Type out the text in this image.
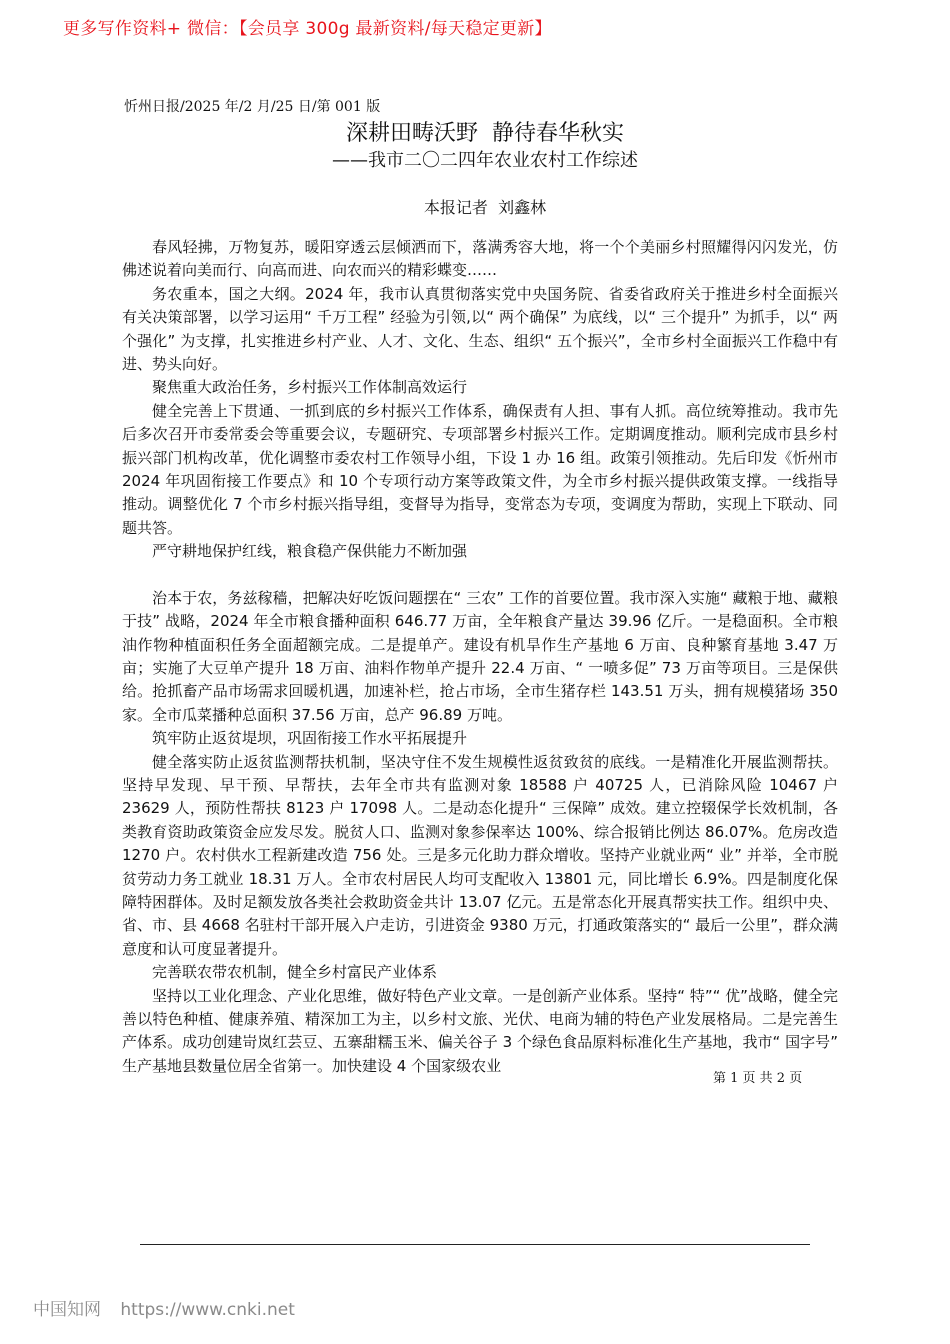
更多写作资料+ 微信：【会员享 300g 最新资料/每天稳定更新】
忻州日报/2025 年/2 月/25 日/第 001 版
深耕田畴沃野  静待春华秋实
——我市二〇二四年农业农村工作综述
本报记者  刘鑫林

春风轻拂，万物复苏，暖阳穿透云层倾洒而下，落满秀容大地，将一个个美丽乡村照耀得闪闪发光，仿佛述说着向美而行、向高而进、向农而兴的精彩蝶变……

务农重本，国之大纲。2024 年，我市认真贯彻落实党中央国务院、省委省政府关于推进乡村全面振兴有关决策部署，以学习运用“ 千万工程” 经验为引领,以“ 两个确保” 为底线，以“ 三个提升” 为抓手，以“ 两个强化” 为支撑，扎实推进乡村产业、人才、文化、生态、组织“ 五个振兴”，全市乡村全面振兴工作稳中有进、势头向好。

聚焦重大政治任务，乡村振兴工作体制高效运行

健全完善上下贯通、一抓到底的乡村振兴工作体系，确保责有人担、事有人抓。高位统筹推动。我市先后多次召开市委常委会等重要会议，专题研究、专项部署乡村振兴工作。定期调度推动。顺利完成市县乡村振兴部门机构改革，优化调整市委农村工作领导小组，下设 1 办 16 组。政策引领推动。先后印发《忻州市 2024 年巩固衔接工作要点》和 10 个专项行动方案等政策文件，为全市乡村振兴提供政策支撑。一线指导推动。调整优化 7 个市乡村振兴指导组，变督导为指导，变常态为专项，变调度为帮助，实现上下联动、同题共答。

严守耕地保护红线，粮食稳产保供能力不断加强

治本于农，务兹稼穑，把解决好吃饭问题摆在“ 三农” 工作的首要位置。我市深入实施“ 藏粮于地、藏粮于技” 战略，2024 年全市粮食播种面积 646.77 万亩，全年粮食产量达 39.96 亿斤。一是稳面积。全市粮油作物种植面积任务全面超额完成。二是提单产。建设有机旱作生产基地 6 万亩、良种繁育基地 3.47 万亩；实施了大豆单产提升 18 万亩、油料作物单产提升 22.4 万亩、“ 一喷多促” 73 万亩等项目。三是保供给。抢抓畜产品市场需求回暖机遇，加速补栏，抢占市场，全市生猪存栏 143.51 万头，拥有规模猪场 350 家。全市瓜菜播种总面积 37.56 万亩，总产 96.89 万吨。

筑牢防止返贫堤坝，巩固衔接工作水平拓展提升

健全落实防止返贫监测帮扶机制，坚决守住不发生规模性返贫致贫的底线。一是精准化开展监测帮扶。坚持早发现、早干预、早帮扶，去年全市共有监测对象 18588 户 40725 人，已消除风险 10467 户 23629 人，预防性帮扶 8123 户 17098 人。二是动态化提升“ 三保障” 成效。建立控辍保学长效机制，各类教育资助政策资金应发尽发。脱贫人口、监测对象参保率达 100%、综合报销比例达 86.07%。危房改造 1270 户。农村供水工程新建改造 756 处。三是多元化助力群众增收。坚持产业就业两“ 业” 并举，全市脱贫劳动力务工就业 18.31 万人。全市农村居民人均可支配收入 13801 元，同比增长 6.9%。四是制度化保障特困群体。及时足额发放各类社会救助资金共计 13.07 亿元。五是常态化开展真帮实扶工作。组织中央、省、市、县 4668 名驻村干部开展入户走访，引进资金 9380 万元，打通政策落实的“ 最后一公里”，群众满意度和认可度显著提升。

完善联农带农机制，健全乡村富民产业体系

坚持以工业化理念、产业化思维，做好特色产业文章。一是创新产业体系。坚持“ 特”“ 优”战略，健全完善以特色种植、健康养殖、精深加工为主，以乡村文旅、光伏、电商为辅的特色产业发展格局。二是完善生产体系。成功创建岢岚红芸豆、五寨甜糯玉米、偏关谷子 3 个绿色食品原料标准化生产基地，我市“ 国字号” 生产基地县数量位居全省第一。加快建设 4 个国家级农业

第 1 页 共 2 页
中国知网 https://www.cnki.net
